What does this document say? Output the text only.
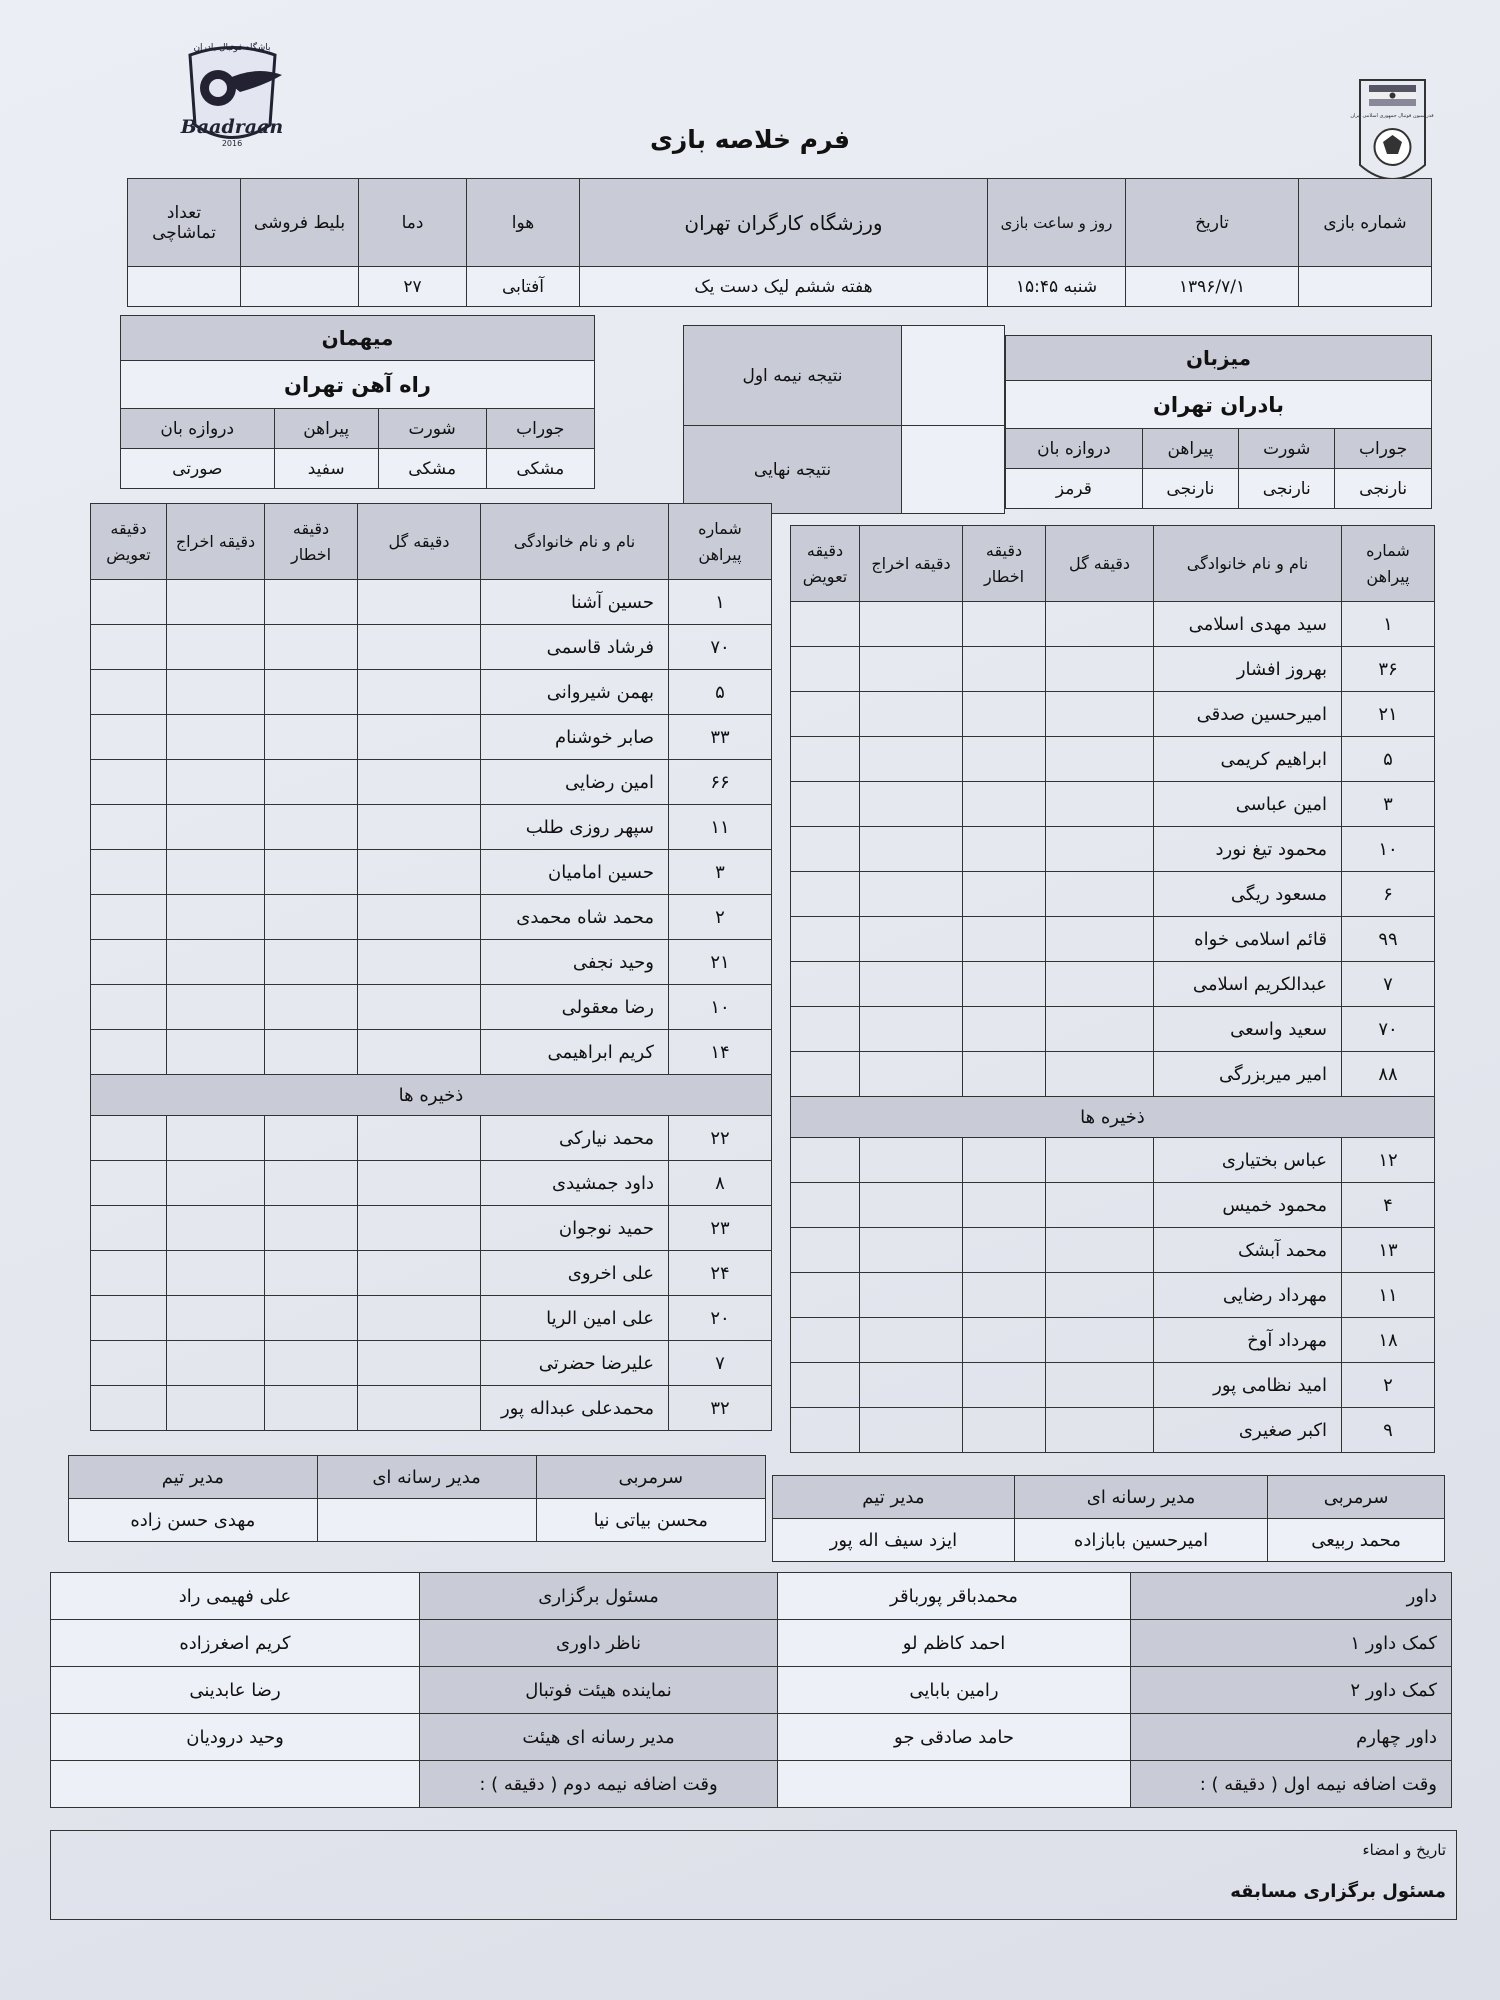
باشگاه فوتبال بادران
Baadraan
2016
فدراسیون فوتبال جمهوری اسلامی ایران
فرم خلاصه بازی
شماره بازی	تاریخ	روز و ساعت بازی	ورزشگاه کارگران تهران	هوا	دما	بلیط فروشی	تعداد تماشاچی
	۱۳۹۶/۷/۱	شنبه ۱۵:۴۵	هفته ششم لیک دست یک	آفتابی	۲۷		
میزبان			
بادران تهران			
جوراب	شورت	پیراهن	دروازه بان
نارنجی	نارنجی	نارنجی	قرمز
	نتیجه نیمه اول
	نتیجه نهایی
میهمان			
راه آهن تهران			
جوراب	شورت	پیراهن	دروازه بان
مشکی	مشکی	سفید	صورتی
شماره پیراهن	نام و نام خانوادگی	دقیقه گل	دقیقه اخطار	دقیقه اخراج	دقیقه تعویض
۱	سید مهدی اسلامی				
۳۶	بهروز افشار				
۲۱	امیرحسین صدقی				
۵	ابراهیم کریمی				
۳	امین عباسی				
۱۰	محمود تیغ نورد				
۶	مسعود ریگی				
۹۹	قائم اسلامی خواه				
۷	عبدالکریم اسلامی				
۷۰	سعید واسعی				
۸۸	امیر میربزرگی				
ذخیره ها					
۱۲	عباس بختیاری				
۴	محمود خمیس				
۱۳	محمد آبشک				
۱۱	مهرداد رضایی				
۱۸	مهرداد آوخ				
۲	امید نظامی پور				
۹	اکبر صغیری				
شماره پیراهن	نام و نام خانوادگی	دقیقه گل	دقیقه اخطار	دقیقه اخراج	دقیقه تعویض
۱	حسین آشنا				
۷۰	فرشاد قاسمی				
۵	بهمن شیروانی				
۳۳	صابر خوشنام				
۶۶	امین رضایی				
۱۱	سپهر روزی طلب				
۳	حسین امامیان				
۲	محمد شاه محمدی				
۲۱	وحید نجفی				
۱۰	رضا معقولی				
۱۴	کریم ابراهیمی				
ذخیره ها					
۲۲	محمد نیارکی				
۸	داود جمشیدی				
۲۳	حمید نوجوان				
۲۴	علی اخروی				
۲۰	علی امین الریا				
۷	علیرضا حضرتی				
۳۲	محمدعلی عبداله پور				
سرمربی	مدیر رسانه ای	مدیر تیم
محمد ربیعی	امیرحسین بابازاده	ایزد سیف اله پور
سرمربی	مدیر رسانه ای	مدیر تیم
محسن بیاتی نیا		مهدی حسن زاده
داور	محمدباقر پورباقر	مسئول برگزاری	علی فهیمی راد
کمک داور ۱	احمد کاظم لو	ناظر داوری	کریم اصغرزاده
کمک داور ۲	رامین بابایی	نماینده هیئت فوتبال	رضا عابدینی
داور چهارم	حامد صادقی جو	مدیر رسانه ای هیئت	وحید درودیان
وقت اضافه نیمه اول ( دقیقه ) :		وقت اضافه نیمه دوم ( دقیقه ) :	
تاریخ و امضاء
مسئول برگزاری مسابقه
